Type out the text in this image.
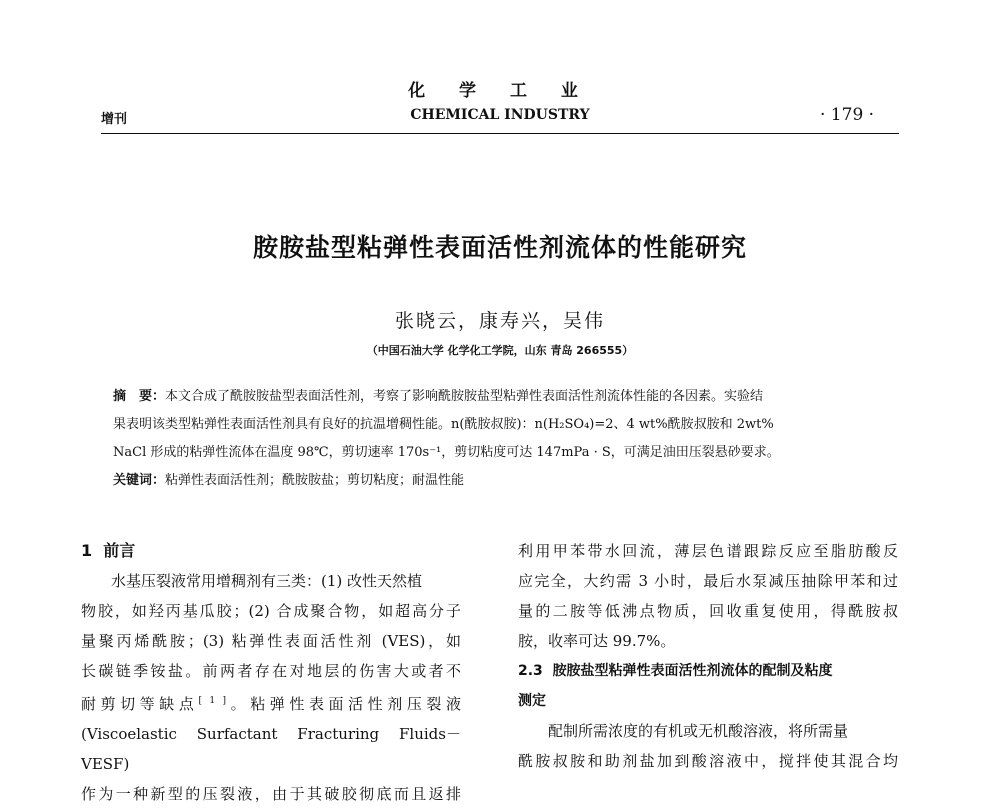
化 学 工 业
增刊	CHEMICAL INDUSTRY	· 179 ·
胺胺盐型粘弹性表面活性剂流体的性能研究
张晓云，康寿兴，吴伟
（中国石油大学 化学化工学院，山东 青岛 266555）
摘　要：本文合成了酰胺胺盐型表面活性剂，考察了影响酰胺胺盐型粘弹性表面活性剂流体性能的各因素。实验结
果表明该类型粘弹性表面活性剂具有良好的抗温增稠性能。n(酰胺叔胺)：n(H₂SO₄)=2、4 wt%酰胺叔胺和 2wt%
NaCl 形成的粘弹性流体在温度 98℃，剪切速率 170s⁻¹，剪切粘度可达 147mPa · S，可满足油田压裂悬砂要求。
关键词：粘弹性表面活性剂；酰胺胺盐；剪切粘度；耐温性能

1 前言

水基压裂液常用增稠剂有三类：(1) 改性天然植

物胶，如羟丙基瓜胶；(2) 合成聚合物，如超高分子

量聚丙烯酰胺；(3) 粘弹性表面活性剂 (VES)，如

长碳链季铵盐。前两者存在对地层的伤害大或者不

耐剪切等缺点[ 1 ]。粘弹性表面活性剂压裂液

(Viscoelastic Surfactant Fracturing Fluids－VESF)

作为一种新型的压裂液，由于其破胶彻底而且返排

利用甲苯带水回流，薄层色谱跟踪反应至脂肪酸反

应完全，大约需 3 小时，最后水泵减压抽除甲苯和过

量的二胺等低沸点物质，回收重复使用，得酰胺叔

胺，收率可达 99.7%。

2.3 胺胺盐型粘弹性表面活性剂流体的配制及粘度

测定

配制所需浓度的有机或无机酸溶液，将所需量

酰胺叔胺和助剂盐加到酸溶液中，搅拌使其混合均
